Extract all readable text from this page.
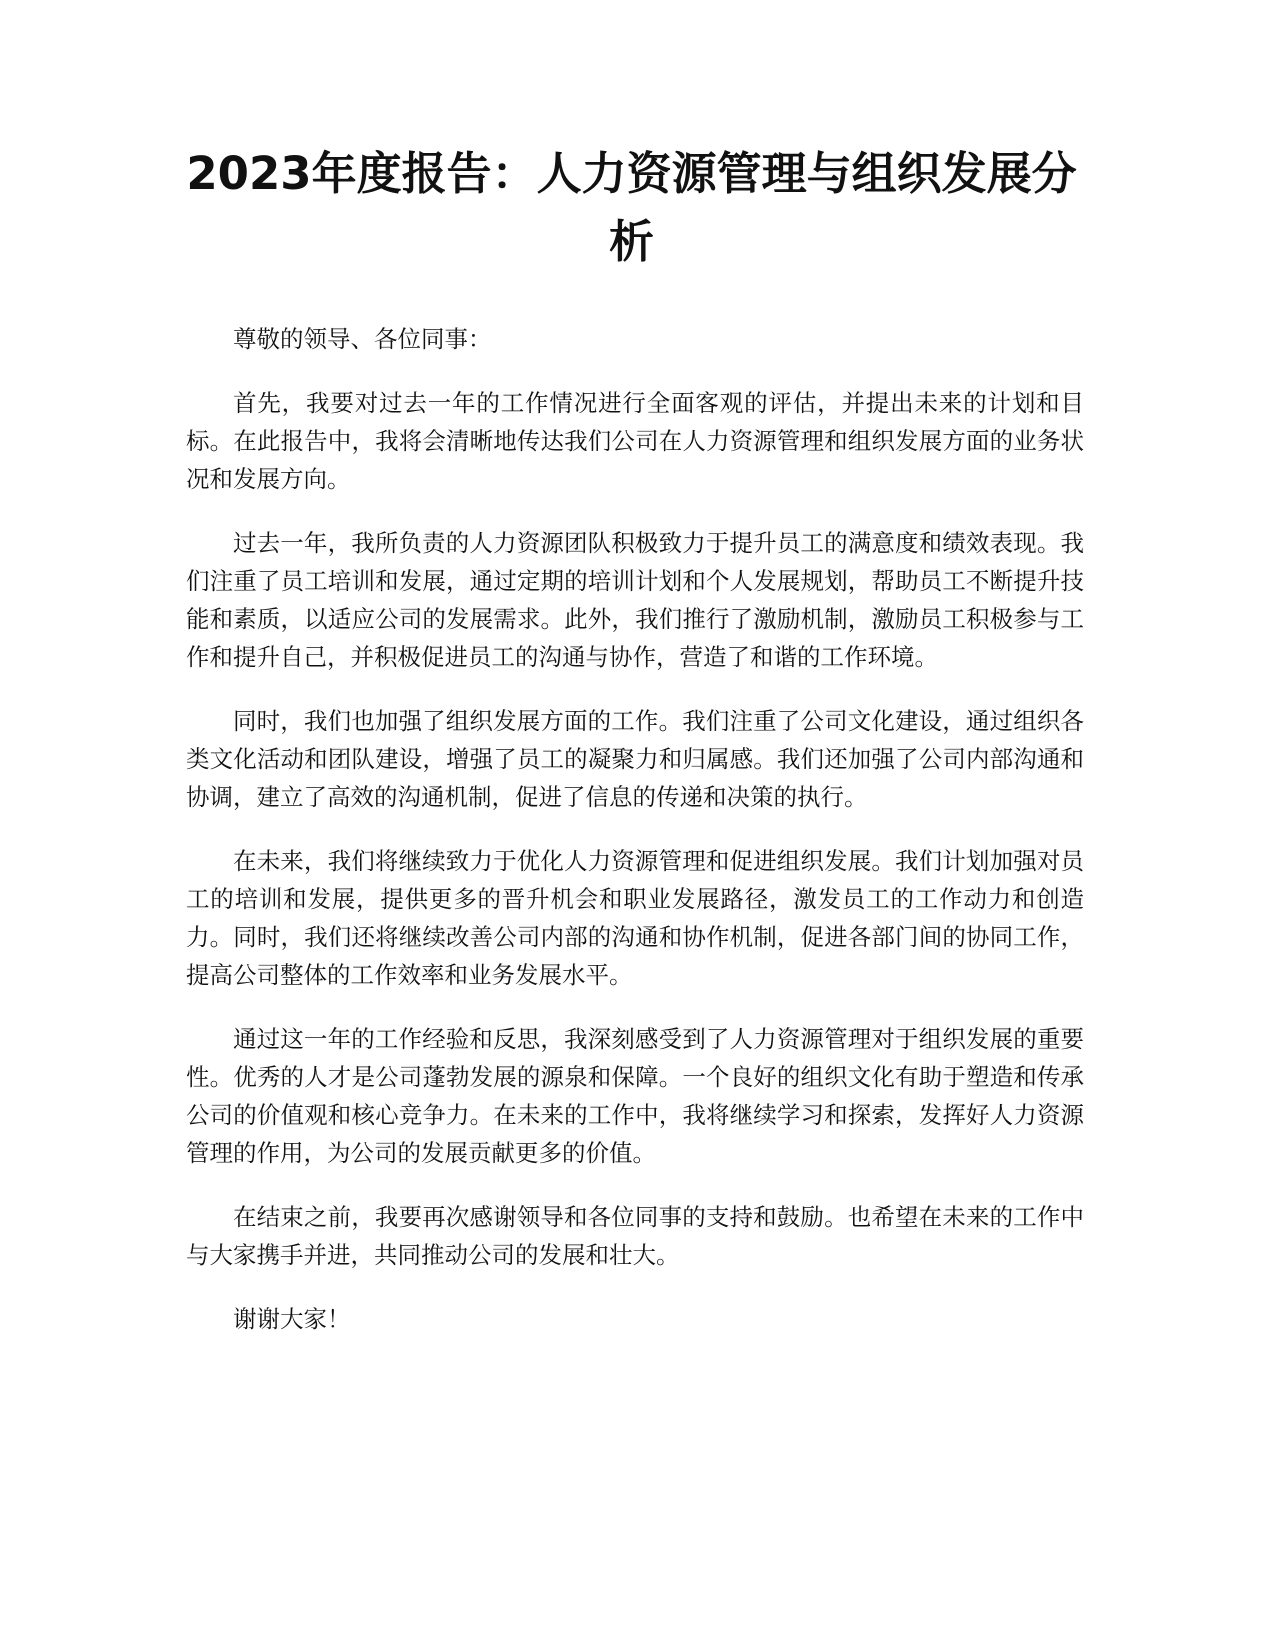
2023年度报告：人力资源管理与组织发展分析

尊敬的领导、各位同事：

首先，我要对过去一年的工作情况进行全面客观的评估，并提出未来的计划和目标。在此报告中，我将会清晰地传达我们公司在人力资源管理和组织发展方面的业务状况和发展方向。

过去一年，我所负责的人力资源团队积极致力于提升员工的满意度和绩效表现。我们注重了员工培训和发展，通过定期的培训计划和个人发展规划，帮助员工不断提升技能和素质，以适应公司的发展需求。此外，我们推行了激励机制，激励员工积极参与工作和提升自己，并积极促进员工的沟通与协作，营造了和谐的工作环境。

同时，我们也加强了组织发展方面的工作。我们注重了公司文化建设，通过组织各类文化活动和团队建设，增强了员工的凝聚力和归属感。我们还加强了公司内部沟通和协调，建立了高效的沟通机制，促进了信息的传递和决策的执行。

在未来，我们将继续致力于优化人力资源管理和促进组织发展。我们计划加强对员工的培训和发展，提供更多的晋升机会和职业发展路径，激发员工的工作动力和创造力。同时，我们还将继续改善公司内部的沟通和协作机制，促进各部门间的协同工作，提高公司整体的工作效率和业务发展水平。

通过这一年的工作经验和反思，我深刻感受到了人力资源管理对于组织发展的重要性。优秀的人才是公司蓬勃发展的源泉和保障。一个良好的组织文化有助于塑造和传承公司的价值观和核心竞争力。在未来的工作中，我将继续学习和探索，发挥好人力资源管理的作用，为公司的发展贡献更多的价值。

在结束之前，我要再次感谢领导和各位同事的支持和鼓励。也希望在未来的工作中与大家携手并进，共同推动公司的发展和壮大。

谢谢大家！
